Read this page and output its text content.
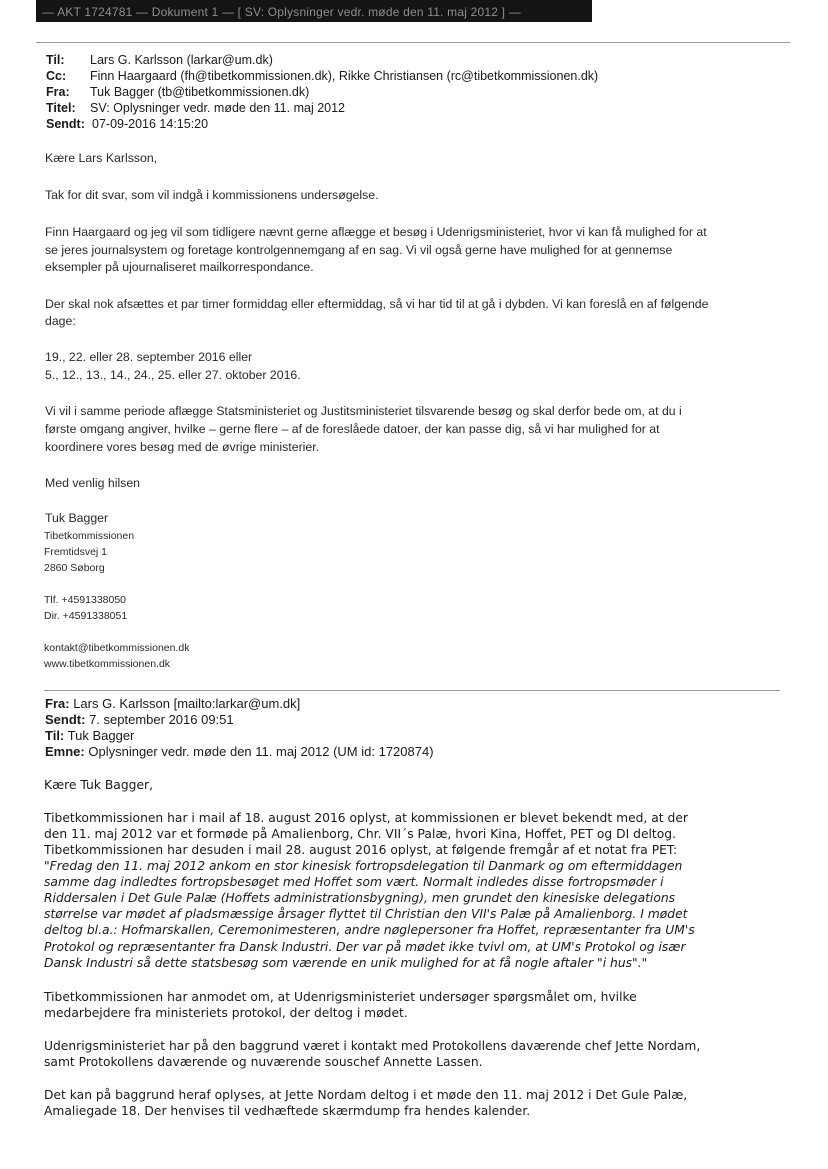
— AKT 1724781 — Dokument 1 — [ SV: Oplysninger vedr. møde den 11. maj 2012 ] —
Til: Lars G. Karlsson (larkar@um.dk)
Cc: Finn Haargaard (fh@tibetkommissionen.dk), Rikke Christiansen (rc@tibetkommissionen.dk)
Fra: Tuk Bagger (tb@tibetkommissionen.dk)
Titel: SV: Oplysninger vedr. møde den 11. maj 2012
Sendt: 07-09-2016 14:15:20
Kære Lars Karlsson,
Tak for dit svar, som vil indgå i kommissionens undersøgelse.
Finn Haargaard og jeg vil som tidligere nævnt gerne aflægge et besøg i Udenrigsministeriet, hvor vi kan få mulighed for at
se jeres journalsystem og foretage kontrolgennemgang af en sag. Vi vil også gerne have mulighed for at gennemse
eksempler på ujournaliseret mailkorrespondance.
Der skal nok afsættes et par timer formiddag eller eftermiddag, så vi har tid til at gå i dybden. Vi kan foreslå en af følgende
dage:
19., 22. eller 28. september 2016 eller
5., 12., 13., 14., 24., 25. eller 27. oktober 2016.
Vi vil i samme periode aflægge Statsministeriet og Justitsministeriet tilsvarende besøg og skal derfor bede om, at du i
første omgang angiver, hvilke – gerne flere – af de foreslåede datoer, der kan passe dig, så vi har mulighed for at
koordinere vores besøg med de øvrige ministerier.
Med venlig hilsen
Tuk Bagger
Tibetkommissionen
Fremtidsvej 1
2860 Søborg
Tlf. +4591338050
Dir. +4591338051
kontakt@tibetkommissionen.dk
www.tibetkommissionen.dk
Fra: Lars G. Karlsson [mailto:larkar@um.dk]
Sendt: 7. september 2016 09:51
Til: Tuk Bagger
Emne: Oplysninger vedr. møde den 11. maj 2012 (UM id: 1720874)
Kære Tuk Bagger,
Tibetkommissionen har i mail af 18. august 2016 oplyst, at kommissionen er blevet bekendt med, at der
den 11. maj 2012 var et formøde på Amalienborg, Chr. VII´s Palæ, hvori Kina, Hoffet, PET og DI deltog.
Tibetkommissionen har desuden i mail 28. august 2016 oplyst, at følgende fremgår af et notat fra PET:
"Fredag den 11. maj 2012 ankom en stor kinesisk fortropsdelegation til Danmark og om eftermiddagen
samme dag indledtes fortropsbesøget med Hoffet som vært. Normalt indledes disse fortropsmøder i
Riddersalen i Det Gule Palæ (Hoffets administrationsbygning), men grundet den kinesiske delegations
størrelse var mødet af pladsmæssige årsager flyttet til Christian den VII's Palæ på Amalienborg. I mødet
deltog bl.a.: Hofmarskallen, Ceremonimesteren, andre nøglepersoner fra Hoffet, repræsentanter fra UM's
Protokol og repræsentanter fra Dansk Industri. Der var på mødet ikke tvivl om, at UM's Protokol og især
Dansk Industri så dette statsbesøg som værende en unik mulighed for at få nogle aftaler "i hus"."
Tibetkommissionen har anmodet om, at Udenrigsministeriet undersøger spørgsmålet om, hvilke
medarbejdere fra ministeriets protokol, der deltog i mødet.
Udenrigsministeriet har på den baggrund været i kontakt med Protokollens daværende chef Jette Nordam,
samt Protokollens daværende og nuværende souschef Annette Lassen.
Det kan på baggrund heraf oplyses, at Jette Nordam deltog i et møde den 11. maj 2012 i Det Gule Palæ,
Amaliegade 18. Der henvises til vedhæftede skærmdump fra hendes kalender.
